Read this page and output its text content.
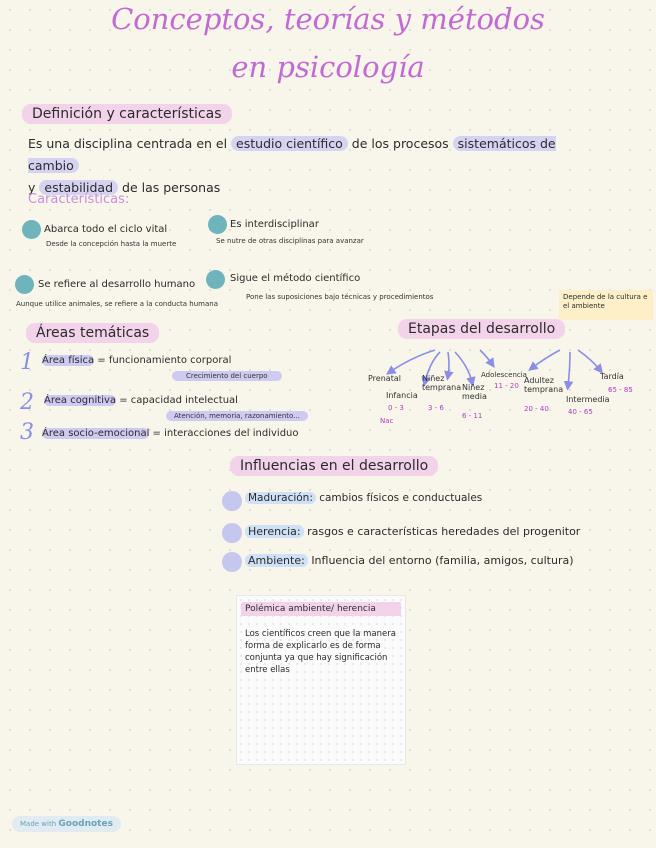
Conceptos, teorías y métodos
en psicología
Definición y características
Es una disciplina centrada en el estudio científico de los procesos sistemáticos de cambio
y estabilidad de las personas
Características:
Abarca todo el ciclo vital
Desde la concepción hasta la muerte
Es interdisciplinar
Se nutre de otras disciplinas para avanzar
Se refiere al desarrollo humano
Aunque utilice animales, se refiere a la conducta humana
Sigue el método científico
Pone las suposiciones bajo técnicas y procedimientos	Depende de la cultura e el ambiente
Áreas temáticas
1 Área física = funcionamiento corporal
Crecimiento del cuerpo
2 Área cognitiva = capacidad intelectual
Atención, memoria, razonamiento...
3 Área socio-emocional = interacciones del individuo
Etapas del desarrollo
Prenatal
Nac
Infancia
0 - 3
Niñez temprana
3 - 6
Niñez media
6 - 11
Adolescencia
11 - 20
Adultez temprana
20 - 40
Intermedia
40 - 65
Tardía
65 - 85
Influencias en el desarrollo
Maduración: cambios físicos e conductuales
Herencia: rasgos e características heredades del progenitor
Ambiente: Influencia del entorno (familia, amigos, cultura)
Polémica ambiente/ herencia
Los científicos creen que la manera forma de explicarlo es de forma conjunta ya que hay significación entre ellas
Made with Goodnotes
